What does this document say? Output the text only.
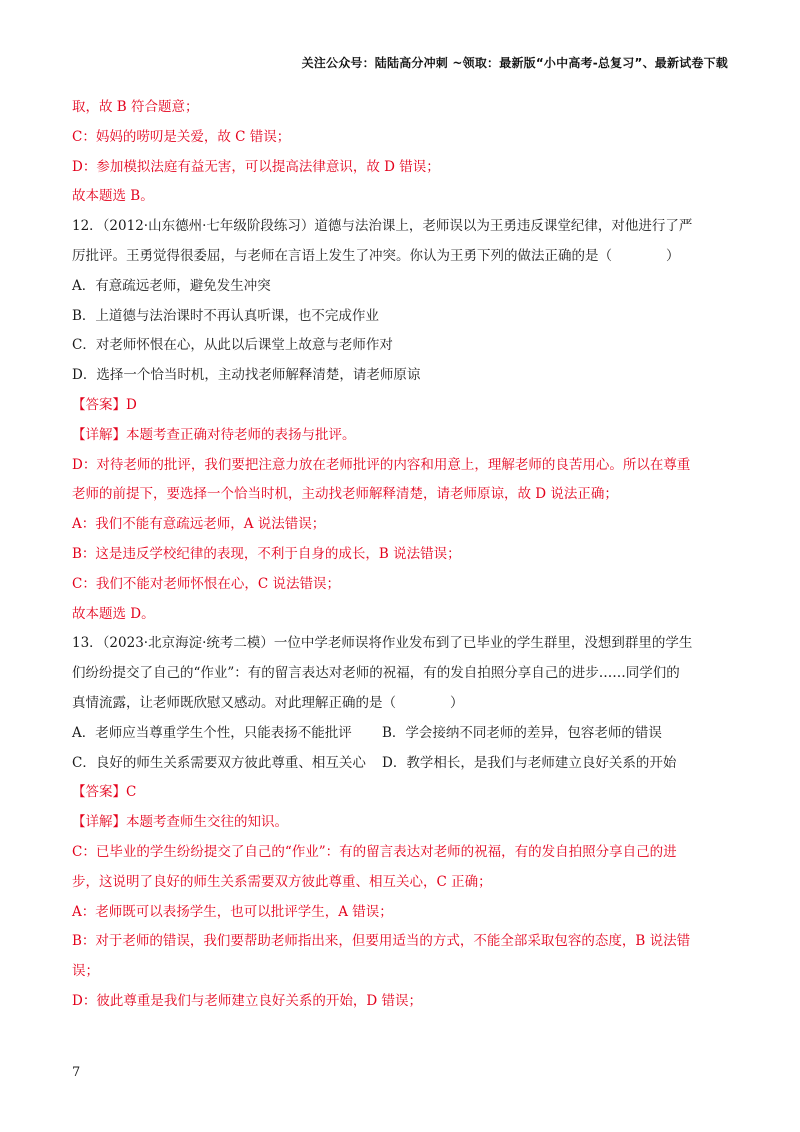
关注公众号：陆陆高分冲刺 ~领取：最新版“小中高考-总复习”、最新试卷下载
取，故 B 符合题意；
C：妈妈的唠叨是关爱，故 C 错误；
D：参加模拟法庭有益无害，可以提高法律意识，故 D 错误；
故本题选 B。
12．（2012·山东德州·七年级阶段练习）道德与法治课上，老师误以为王勇违反课堂纪律，对他进行了严
厉批评。王勇觉得很委屈，与老师在言语上发生了冲突。你认为王勇下列的做法正确的是（　　　　）
A．有意疏远老师，避免发生冲突
B．上道德与法治课时不再认真听课，也不完成作业
C．对老师怀恨在心，从此以后课堂上故意与老师作对
D．选择一个恰当时机，主动找老师解释清楚，请老师原谅
【答案】D
【详解】本题考查正确对待老师的表扬与批评。
D：对待老师的批评，我们要把注意力放在老师批评的内容和用意上，理解老师的良苦用心。所以在尊重
老师的前提下，要选择一个恰当时机，主动找老师解释清楚，请老师原谅，故 D 说法正确；
A：我们不能有意疏远老师，A 说法错误；
B：这是违反学校纪律的表现，不利于自身的成长，B 说法错误；
C：我们不能对老师怀恨在心，C 说法错误；
故本题选 D。
13．（2023·北京海淀·统考二模）一位中学老师误将作业发布到了已毕业的学生群里，没想到群里的学生
们纷纷提交了自己的“作业”：有的留言表达对老师的祝福，有的发自拍照分享自己的进步……同学们的
真情流露，让老师既欣慰又感动。对此理解正确的是（　　　　）
A．老师应当尊重学生个性，只能表扬不能批评	B．学会接纳不同老师的差异，包容老师的错误
C．良好的师生关系需要双方彼此尊重、相互关心	D．教学相长，是我们与老师建立良好关系的开始
【答案】C
【详解】本题考查师生交往的知识。
C：已毕业的学生纷纷提交了自己的“作业”：有的留言表达对老师的祝福，有的发自拍照分享自己的进
步，这说明了良好的师生关系需要双方彼此尊重、相互关心，C 正确；
A：老师既可以表扬学生，也可以批评学生，A 错误；
B：对于老师的错误，我们要帮助老师指出来，但要用适当的方式，不能全部采取包容的态度，B 说法错
误；
D：彼此尊重是我们与老师建立良好关系的开始，D 错误；
7
